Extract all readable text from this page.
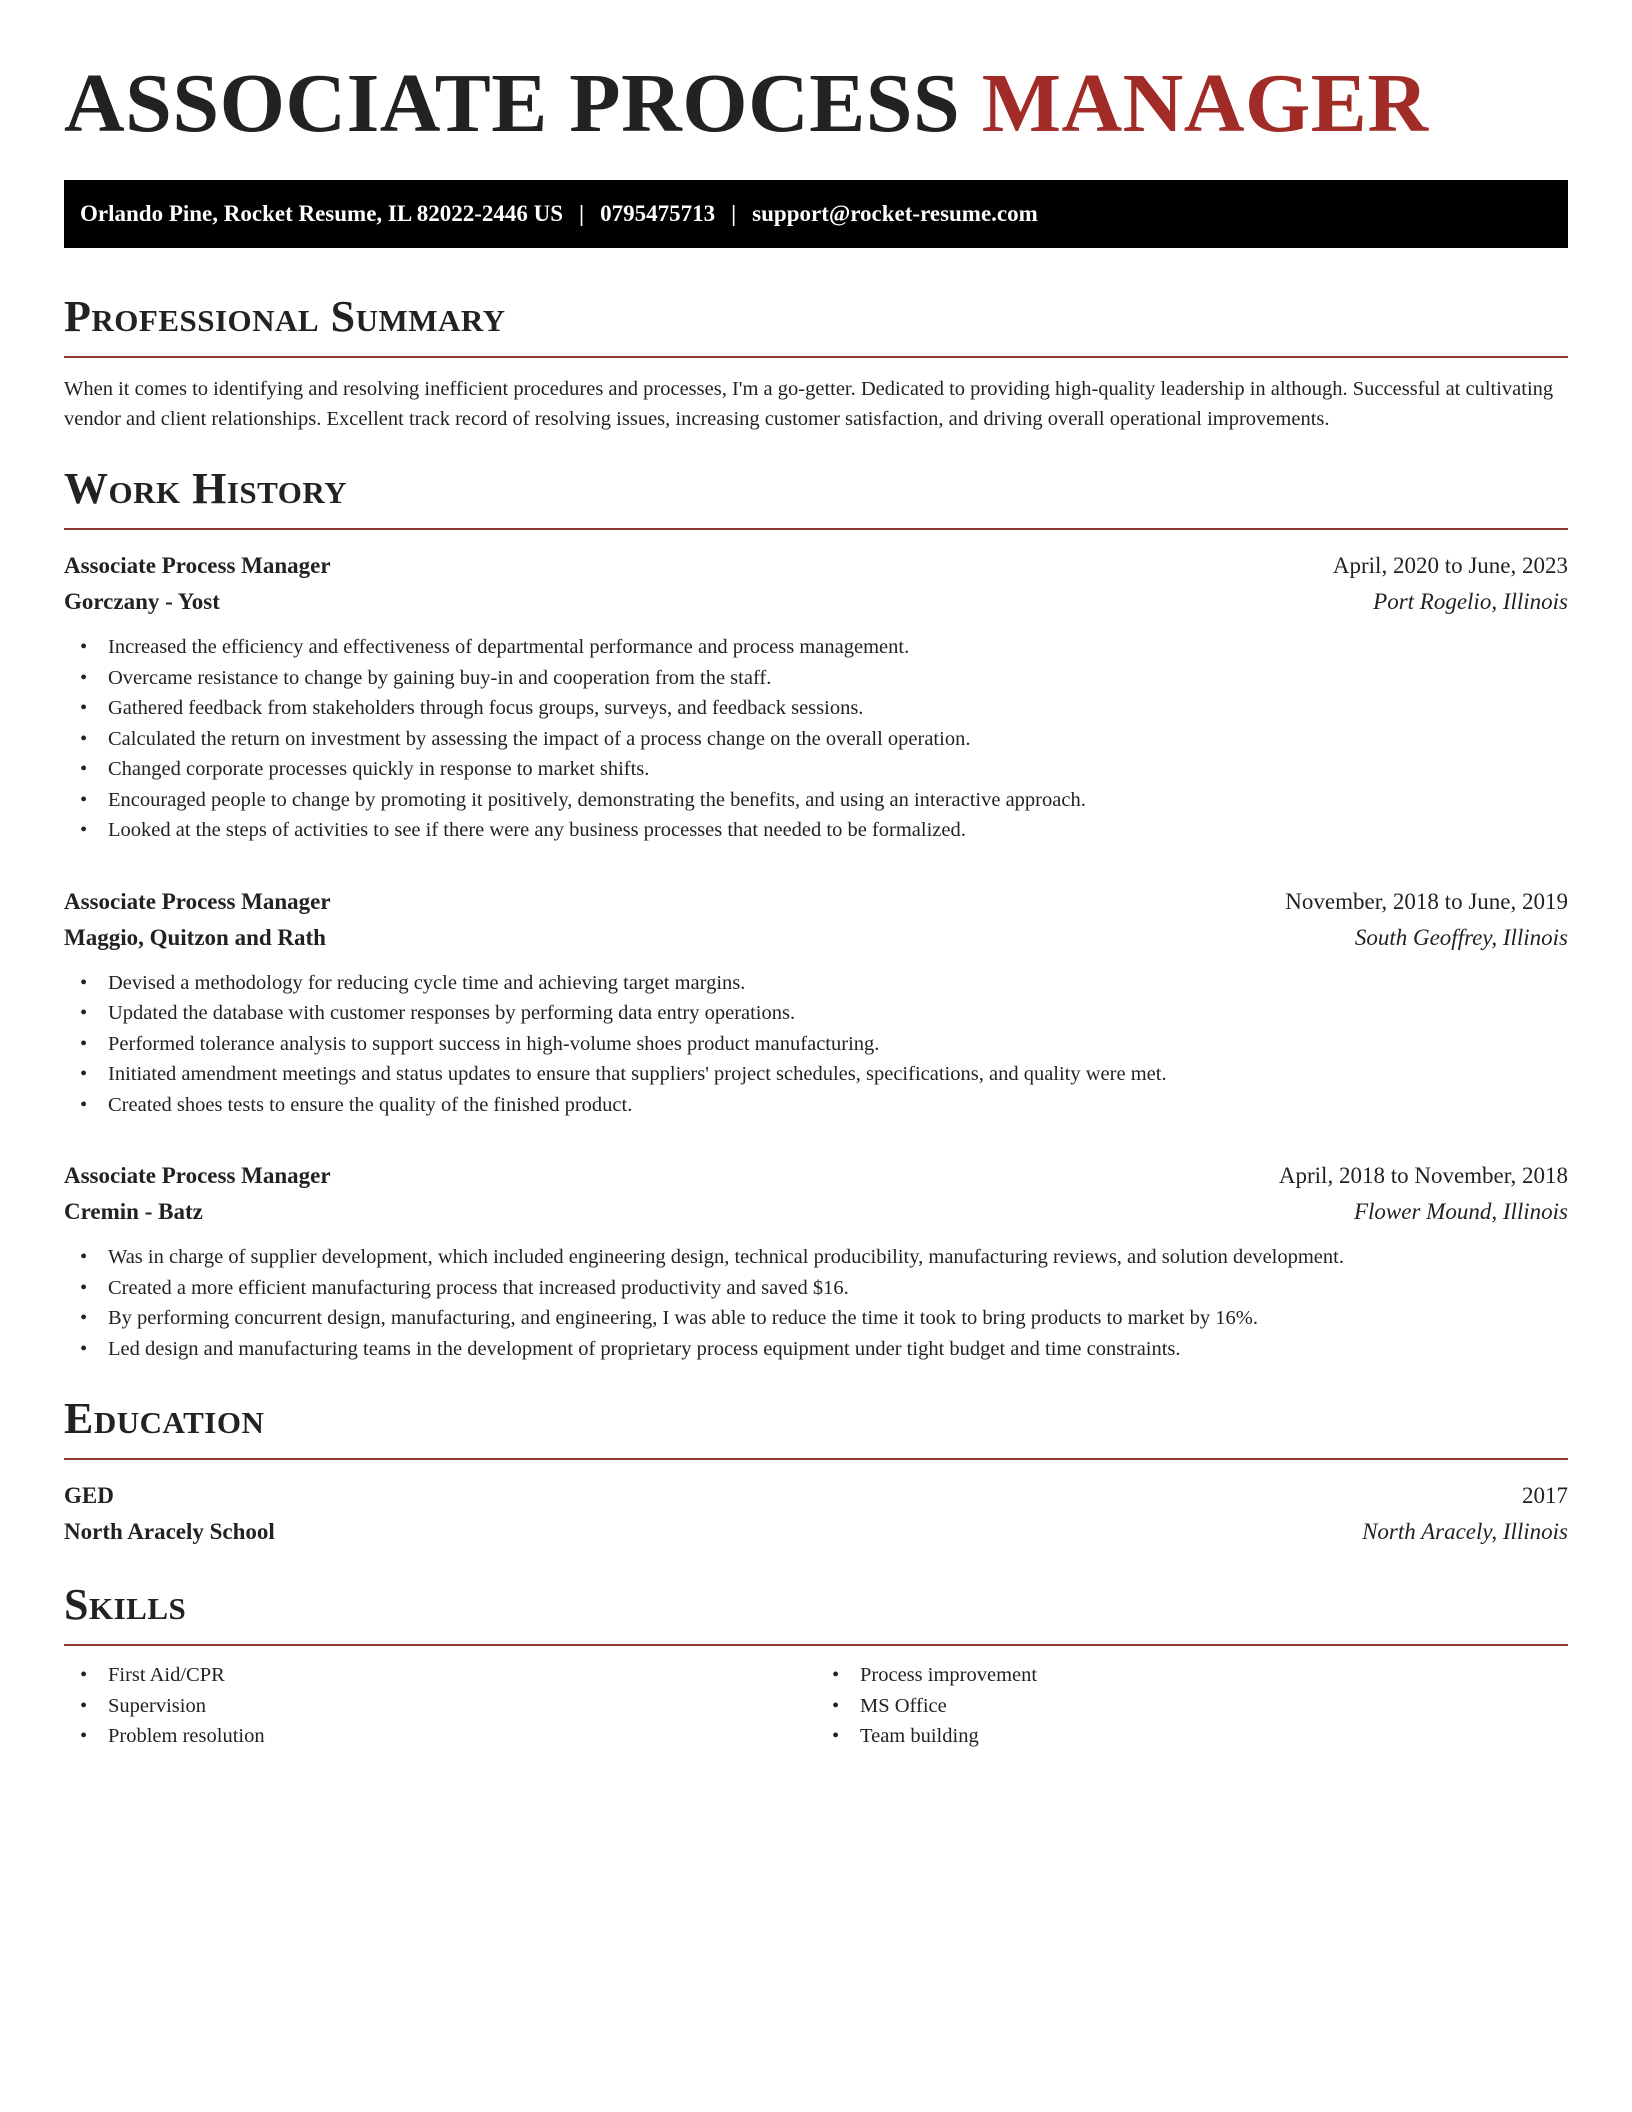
ASSOCIATE PROCESS MANAGER
Orlando Pine, Rocket Resume, IL 82022-2446 US | 0795475713 | support@rocket-resume.com
Professional Summary

When it comes to identifying and resolving inefficient procedures and processes, I'm a go-getter. Dedicated to providing high-quality leadership in although. Successful at cultivating vendor and client relationships. Excellent track record of resolving issues, increasing customer satisfaction, and driving overall operational improvements.

Work History
Associate Process Manager	April, 2020 to June, 2023
Gorczany - Yost	Port Rogelio, Illinois
• Increased the efficiency and effectiveness of departmental performance and process management.
• Overcame resistance to change by gaining buy-in and cooperation from the staff.
• Gathered feedback from stakeholders through focus groups, surveys, and feedback sessions.
• Calculated the return on investment by assessing the impact of a process change on the overall operation.
• Changed corporate processes quickly in response to market shifts.
• Encouraged people to change by promoting it positively, demonstrating the benefits, and using an interactive approach.
• Looked at the steps of activities to see if there were any business processes that needed to be formalized.
Associate Process Manager	November, 2018 to June, 2019
Maggio, Quitzon and Rath	South Geoffrey, Illinois
• Devised a methodology for reducing cycle time and achieving target margins.
• Updated the database with customer responses by performing data entry operations.
• Performed tolerance analysis to support success in high-volume shoes product manufacturing.
• Initiated amendment meetings and status updates to ensure that suppliers' project schedules, specifications, and quality were met.
• Created shoes tests to ensure the quality of the finished product.
Associate Process Manager	April, 2018 to November, 2018
Cremin - Batz	Flower Mound, Illinois
• Was in charge of supplier development, which included engineering design, technical producibility, manufacturing reviews, and solution development.
• Created a more efficient manufacturing process that increased productivity and saved $16.
• By performing concurrent design, manufacturing, and engineering, I was able to reduce the time it took to bring products to market by 16%.
• Led design and manufacturing teams in the development of proprietary process equipment under tight budget and time constraints.
Education
GED	2017
North Aracely School	North Aracely, Illinois
Skills
• First Aid/CPR
• Supervision
• Problem resolution
• Process improvement
• MS Office
• Team building
